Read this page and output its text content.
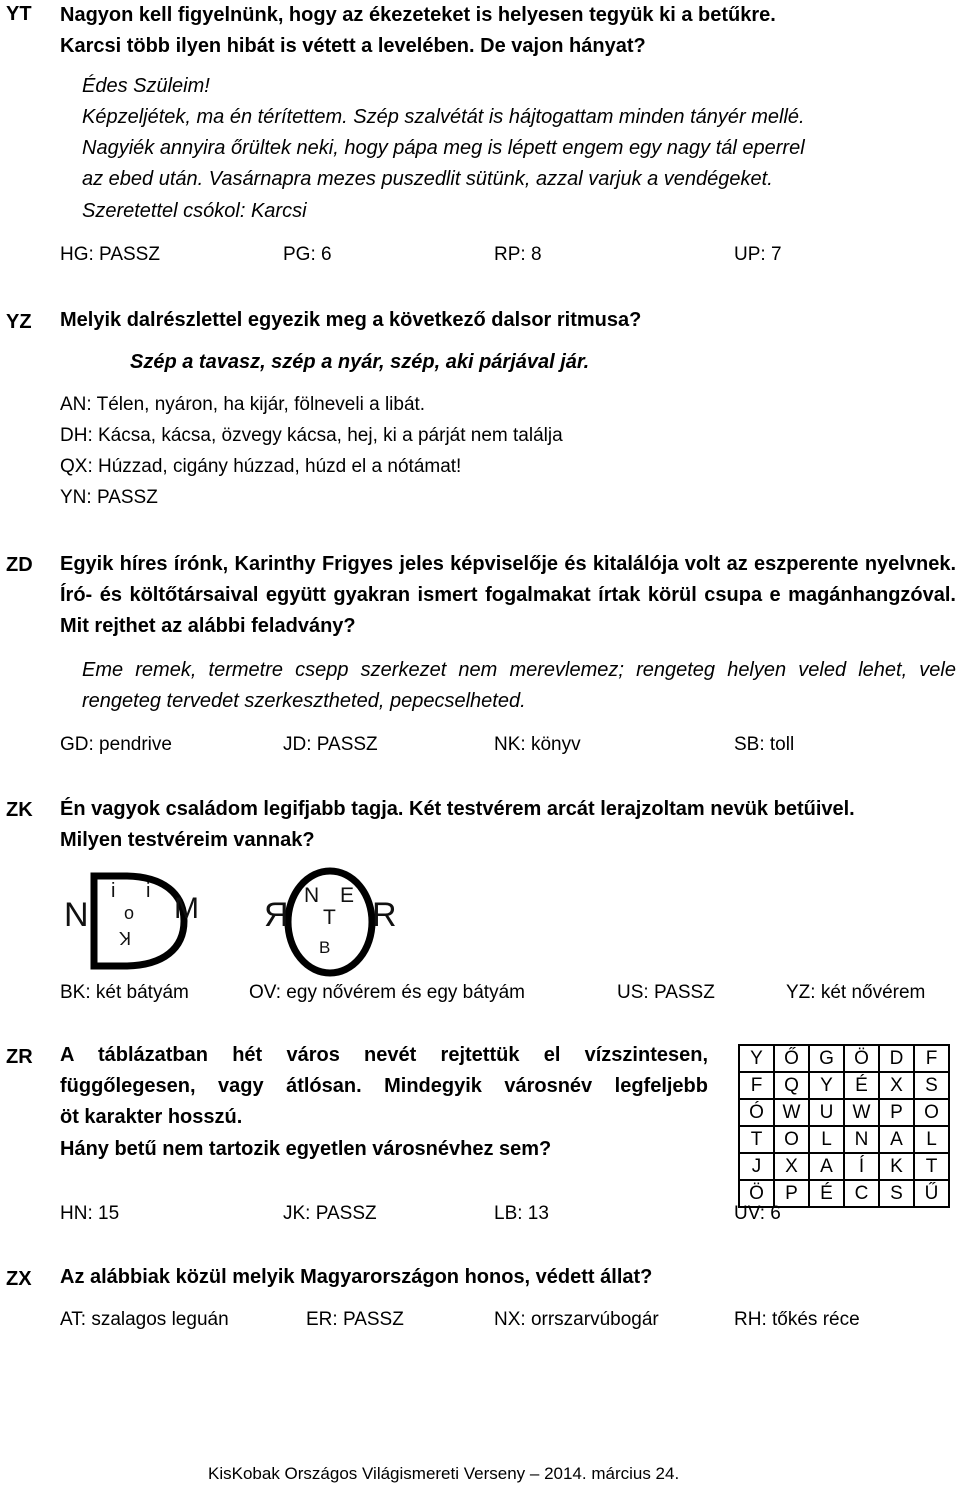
YT Nagyon kell figyelnünk, hogy az ékezeteket is helyesen tegyük ki a betűkre.
Karcsi több ilyen hibát is vétett a levelében. De vajon hányat?
Édes Szüleim!
Képzeljétek, ma én térítettem. Szép szalvétát is hájtogattam minden tányér mellé.
Nagyiék annyira őrültek neki, hogy pápa meg is lépett engem egy nagy tál eperrel
az ebed után. Vasárnapra mezes puszedlit sütünk, azzal varjuk a vendégeket.
Szeretettel csókol: Karcsi
HG: PASSZ	PG: 6	RP: 8	UP: 7
YZ Melyik dalrészlettel egyezik meg a következő dalsor ritmusa?
Szép a tavasz, szép a nyár, szép, aki párjával jár.
AN: Télen, nyáron, ha kijár, fölneveli a libát.
DH: Kácsa, kácsa, özvegy kácsa, hej, ki a párját nem találja
QX: Húzzad, cigány húzzad, húzd el a nótámat!
YN: PASSZ
ZD Egyik híres írónk, Karinthy Frigyes jeles képviselője és kitalálója volt az eszperente nyelvnek. Író- és költőtársaival együtt gyakran ismert fogalmakat írtak körül csupa e magánhangzóval. Mit rejthet az alábbi feladvány?
Eme remek, termetre csepp szerkezet nem merevlemez; rengeteg helyen veled lehet, vele rengeteg tervedet szerkesztheted, pepecselheted.
GD: pendrive	JD: PASSZ	NK: könyv	SB: toll
ZK Én vagyok családom legifjabb tagja. Két testvérem arcát lerajzoltam nevük betűivel.
Milyen testvéreim vannak?
N	M
i i
o
K
Я R
N E
T
B
BK: két bátyám	OV: egy nővérem és egy bátyám	US: PASSZ	YZ: két nővérem
ZR A táblázatban hét város nevét rejtettük el vízszintesen,
függőlegesen, vagy átlósan. Mindegyik városnév legfeljebb
öt karakter hosszú.
Hány betű nem tartozik egyetlen városnévhez sem?
Y	Ő	G	Ö	D	F
F	Q	Y	É	X	S
Ó	W	U	W	P	O
T	O	L	N	A	L
J	X	A	Í	K	T
Ö	P	É	C	S	Ű
HN: 15	JK: PASSZ	LB: 13	UV: 6
ZX Az alábbiak közül melyik Magyarországon honos, védett állat?
AT: szalagos leguán	ER: PASSZ	NX: orrszarvúbogár	RH: tőkés réce
KisKobak Országos Világismereti Verseny – 2014. március 24.
